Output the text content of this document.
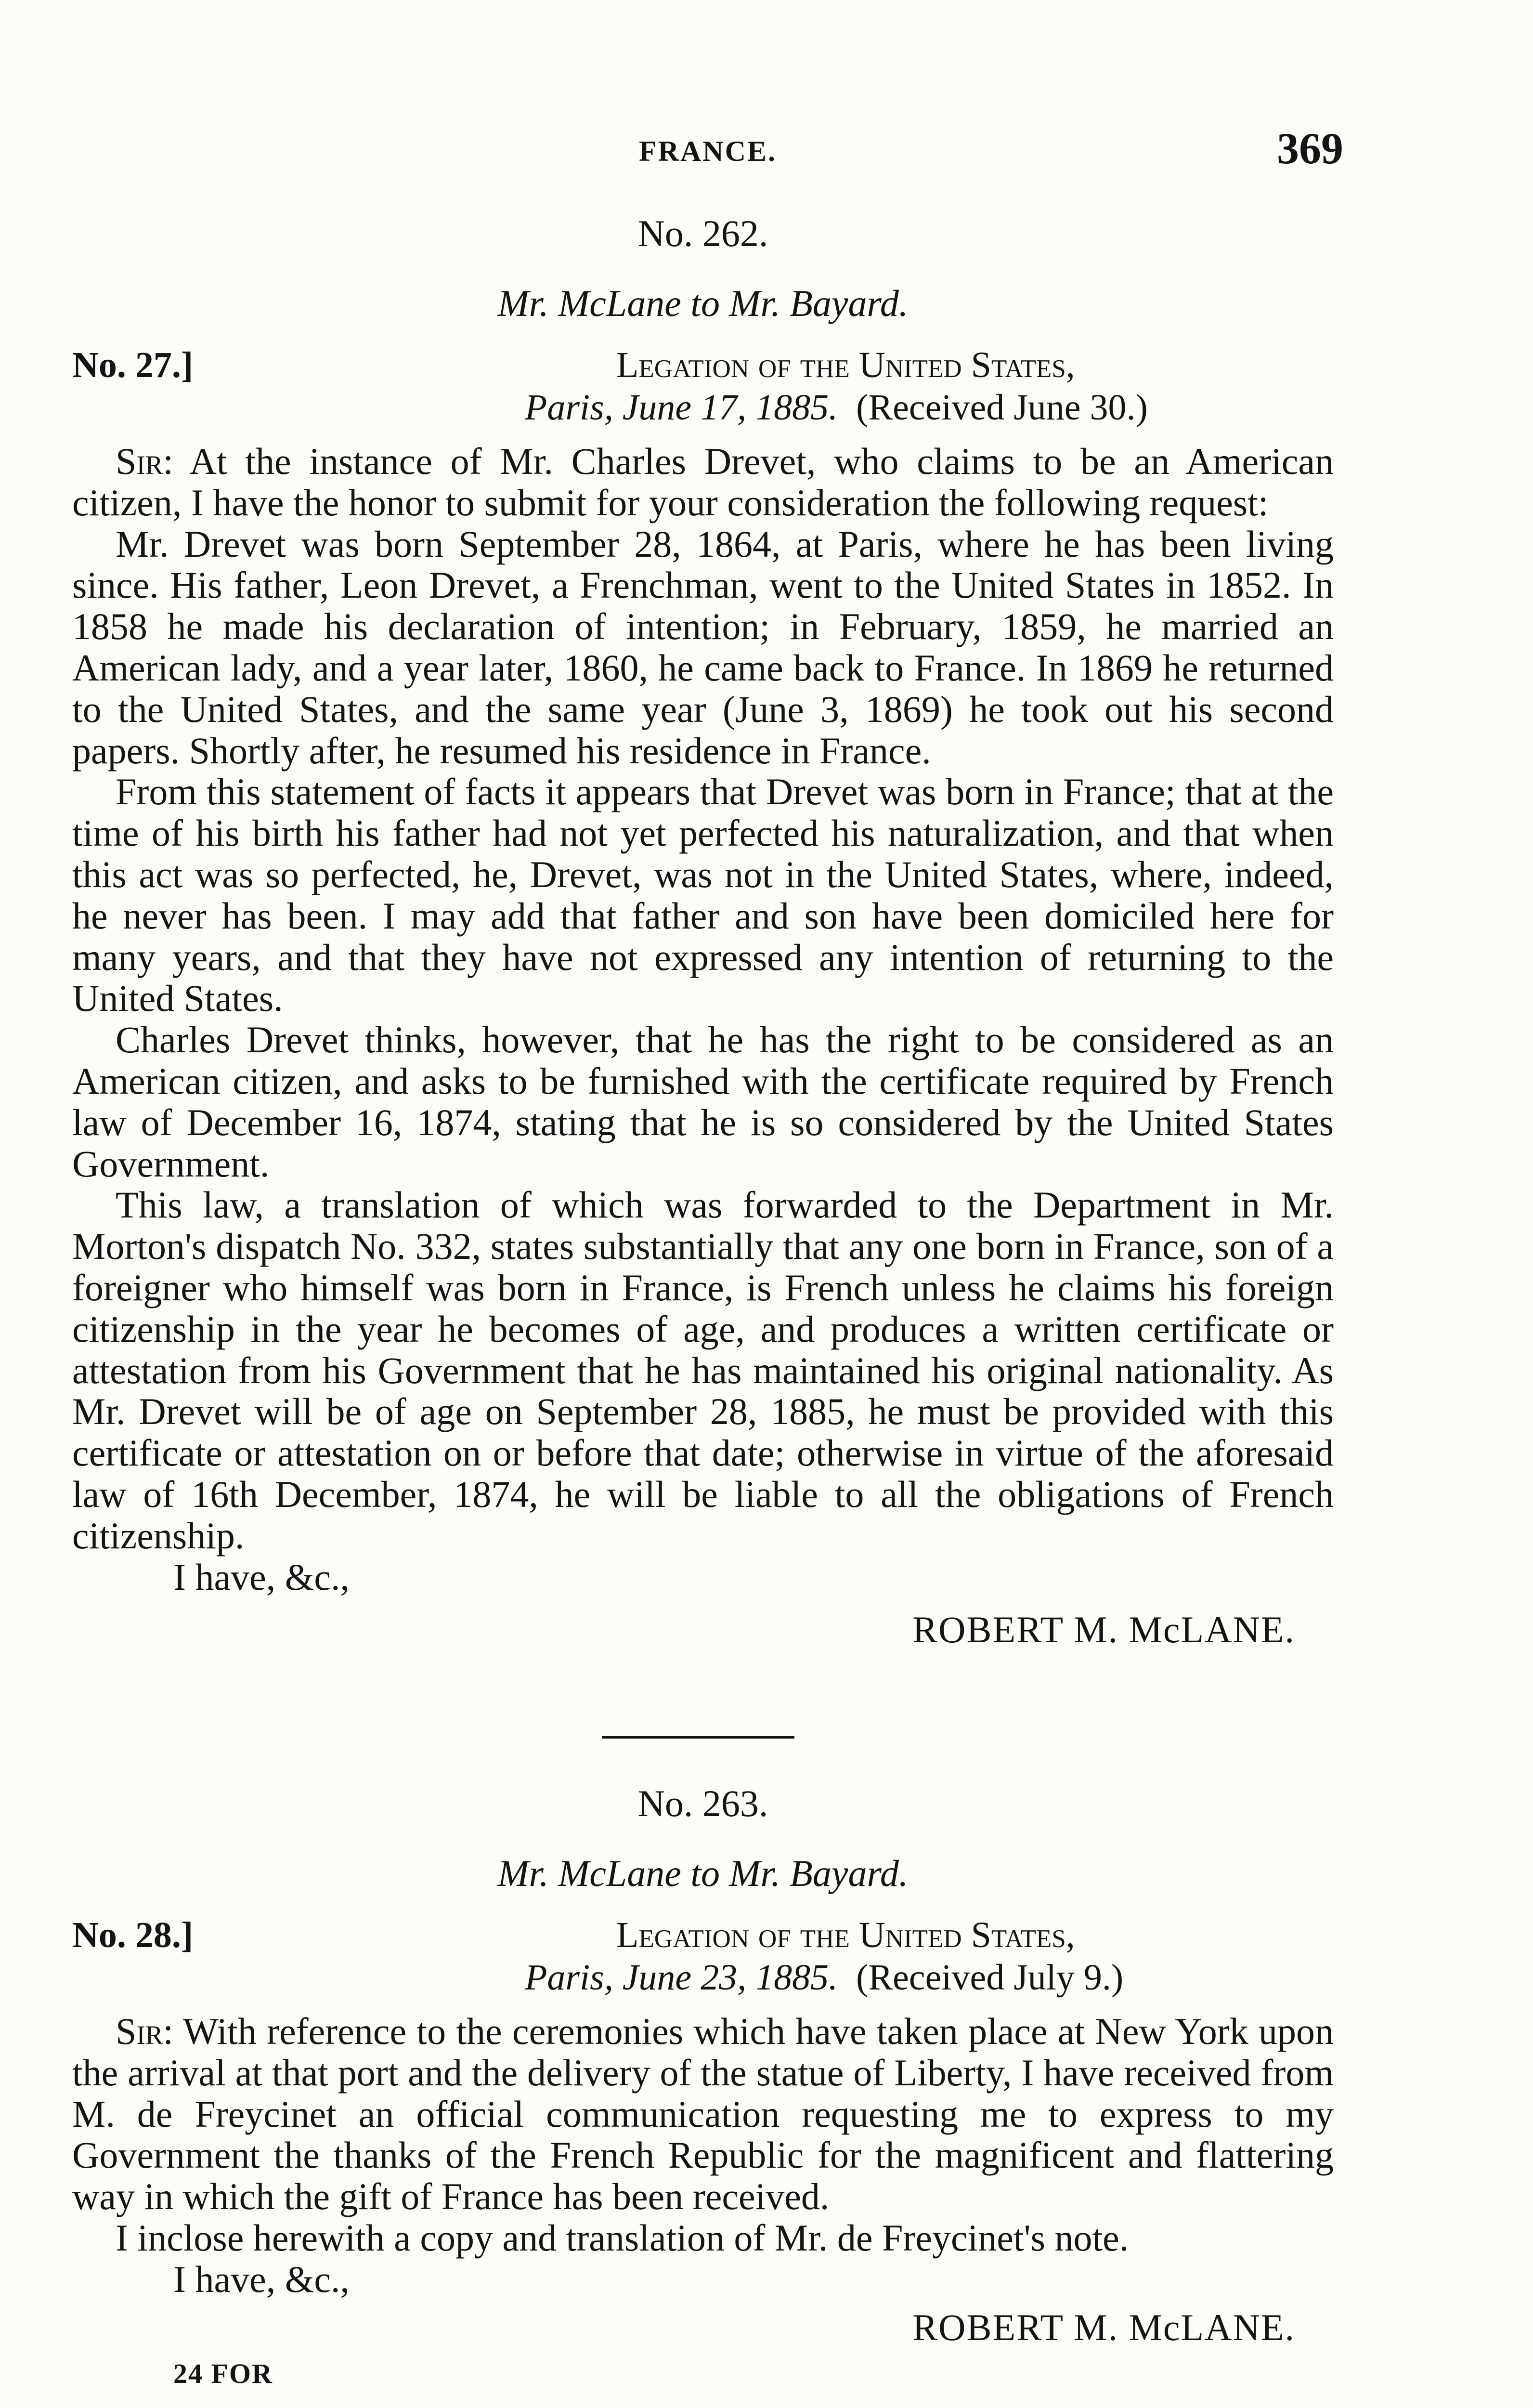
FRANCE.	369
No. 262.
Mr. McLane to Mr. Bayard.
No. 27.]	Legation of the United States,
Paris, June 17, 1885. (Received June 30.)

Sir: At the instance of Mr. Charles Drevet, who claims to be an American citizen, I have the honor to submit for your consideration the following request:

Mr. Drevet was born September 28, 1864, at Paris, where he has been living since. His father, Leon Drevet, a Frenchman, went to the United States in 1852. In 1858 he made his declaration of intention; in February, 1859, he married an American lady, and a year later, 1860, he came back to France. In 1869 he returned to the United States, and the same year (June 3, 1869) he took out his second papers. Shortly after, he resumed his residence in France.

From this statement of facts it appears that Drevet was born in France; that at the time of his birth his father had not yet perfected his naturalization, and that when this act was so perfected, he, Drevet, was not in the United States, where, indeed, he never has been. I may add that father and son have been domiciled here for many years, and that they have not expressed any intention of returning to the United States.

Charles Drevet thinks, however, that he has the right to be considered as an American citizen, and asks to be furnished with the certificate required by French law of December 16, 1874, stating that he is so considered by the United States Government.

This law, a translation of which was forwarded to the Department in Mr. Morton's dispatch No. 332, states substantially that any one born in France, son of a foreigner who himself was born in France, is French unless he claims his foreign citizenship in the year he becomes of age, and produces a written certificate or attestation from his Government that he has maintained his original nationality. As Mr. Drevet will be of age on September 28, 1885, he must be provided with this certificate or attestation on or before that date; otherwise in virtue of the aforesaid law of 16th December, 1874, he will be liable to all the obligations of French citizenship.

I have, &c.,
ROBERT M. McLANE.
No. 263.
Mr. McLane to Mr. Bayard.
No. 28.]	Legation of the United States,
Paris, June 23, 1885. (Received July 9.)

Sir: With reference to the ceremonies which have taken place at New York upon the arrival at that port and the delivery of the statue of Liberty, I have received from M. de Freycinet an official communication requesting me to express to my Government the thanks of the French Republic for the magnificent and flattering way in which the gift of France has been received.

I inclose herewith a copy and translation of Mr. de Freycinet's note.

I have, &c.,
ROBERT M. McLANE.
24 FOR
